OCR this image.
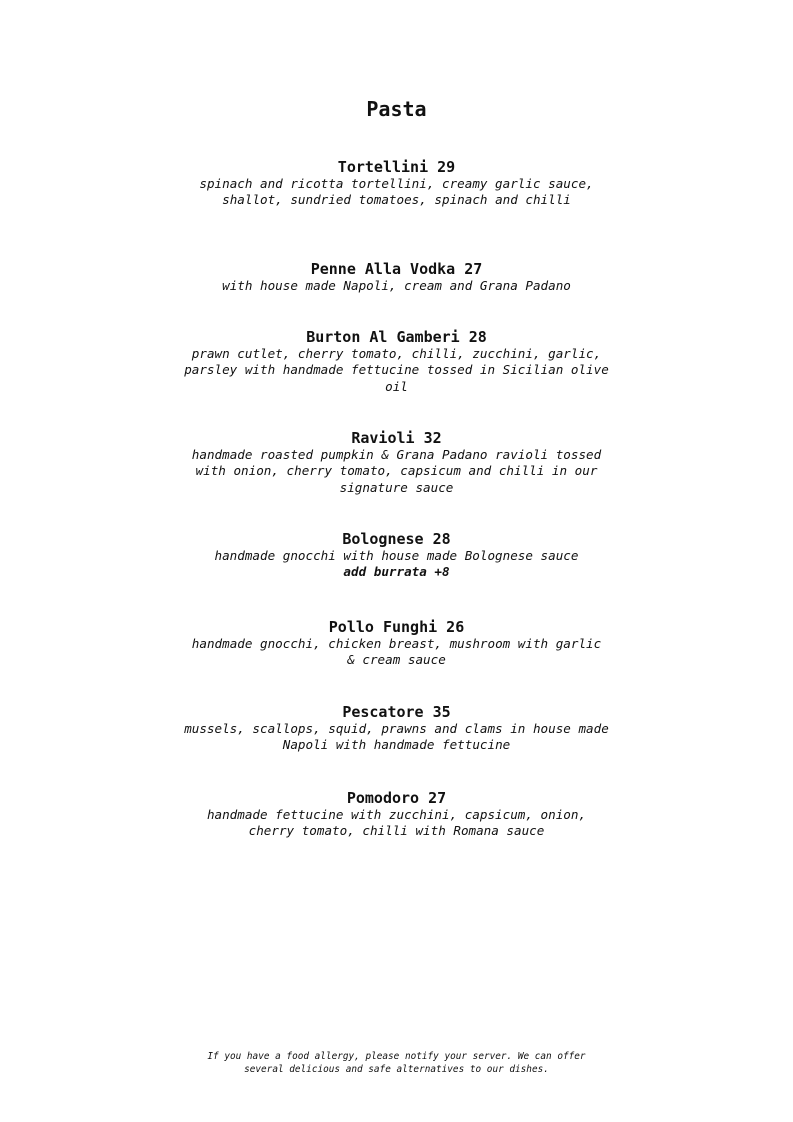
Pasta

Tortellini 29

spinach and ricotta tortellini, creamy garlic sauce, shallot, sundried tomatoes, spinach and chilli

Penne Alla Vodka 27

with house made Napoli, cream and Grana Padano

Burton Al Gamberi 28

prawn cutlet, cherry tomato, chilli, zucchini, garlic, parsley with handmade fettucine tossed in Sicilian olive oil

Ravioli 32

handmade roasted pumpkin & Grana Padano ravioli tossed with onion, cherry tomato, capsicum and chilli in our signature sauce

Bolognese 28

handmade gnocchi with house made Bolognese sauce

add burrata +8

Pollo Funghi 26

handmade gnocchi, chicken breast, mushroom with garlic & cream sauce

Pescatore 35

mussels, scallops, squid, prawns and clams in house made Napoli with handmade fettucine

Pomodoro 27

handmade fettucine with zucchini, capsicum, onion, cherry tomato, chilli with Romana sauce

If you have a food allergy, please notify your server. We can offer

several delicious and safe alternatives to our dishes.
